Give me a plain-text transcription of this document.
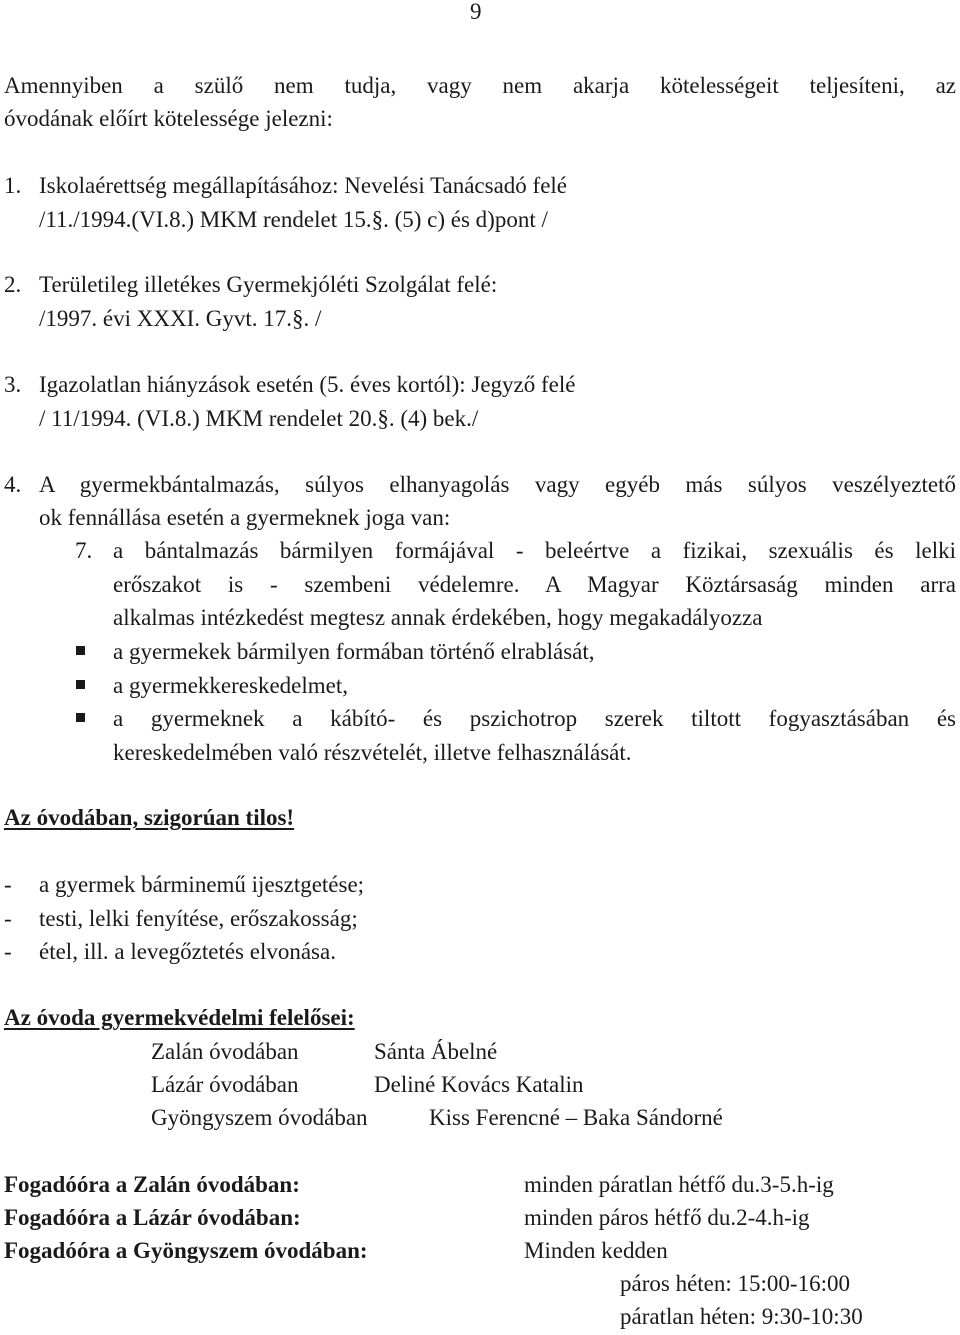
9
Amennyiben a szülő nem tudja, vagy nem akarja kötelességeit teljesíteni, az
óvodának előírt kötelessége jelezni:
1. Iskolaérettség megállapításához: Nevelési Tanácsadó felé
/11./1994.(VI.8.) MKM rendelet 15.§. (5) c) és d)pont /
2. Területileg illetékes Gyermekjóléti Szolgálat felé:
/1997. évi XXXI. Gyvt. 17.§. /
3. Igazolatlan hiányzások esetén (5. éves kortól): Jegyző felé
/ 11/1994. (VI.8.) MKM rendelet 20.§. (4) bek./
4. A gyermekbántalmazás, súlyos elhanyagolás vagy egyéb más súlyos veszélyeztető
ok fennállása esetén a gyermeknek joga van:
7. a bántalmazás bármilyen formájával - beleértve a fizikai, szexuális és lelki
erőszakot is - szembeni védelemre. A Magyar Köztársaság minden arra
alkalmas intézkedést megtesz annak érdekében, hogy megakadályozza
a gyermekek bármilyen formában történő elrablását,
a gyermekkereskedelmet,
a gyermeknek a kábító- és pszichotrop szerek tiltott fogyasztásában és
kereskedelmében való részvételét, illetve felhasználását.
Az óvodában, szigorúan tilos!
- a gyermek bárminemű ijesztgetése;
- testi, lelki fenyítése, erőszakosság;
- étel, ill. a levegőztetés elvonása.
Az óvoda gyermekvédelmi felelősei:
Zalán óvodában	Sánta Ábelné
Lázár óvodában	Deliné Kovács Katalin
Gyöngyszem óvodában	Kiss Ferencné – Baka Sándorné
Fogadóóra a Zalán óvodában:	minden páratlan hétfő du.3-5.h-ig
Fogadóóra a Lázár óvodában:	minden páros hétfő du.2-4.h-ig
Fogadóóra a Gyöngyszem óvodában:	Minden kedden
páros héten: 15:00-16:00
páratlan héten: 9:30-10:30
